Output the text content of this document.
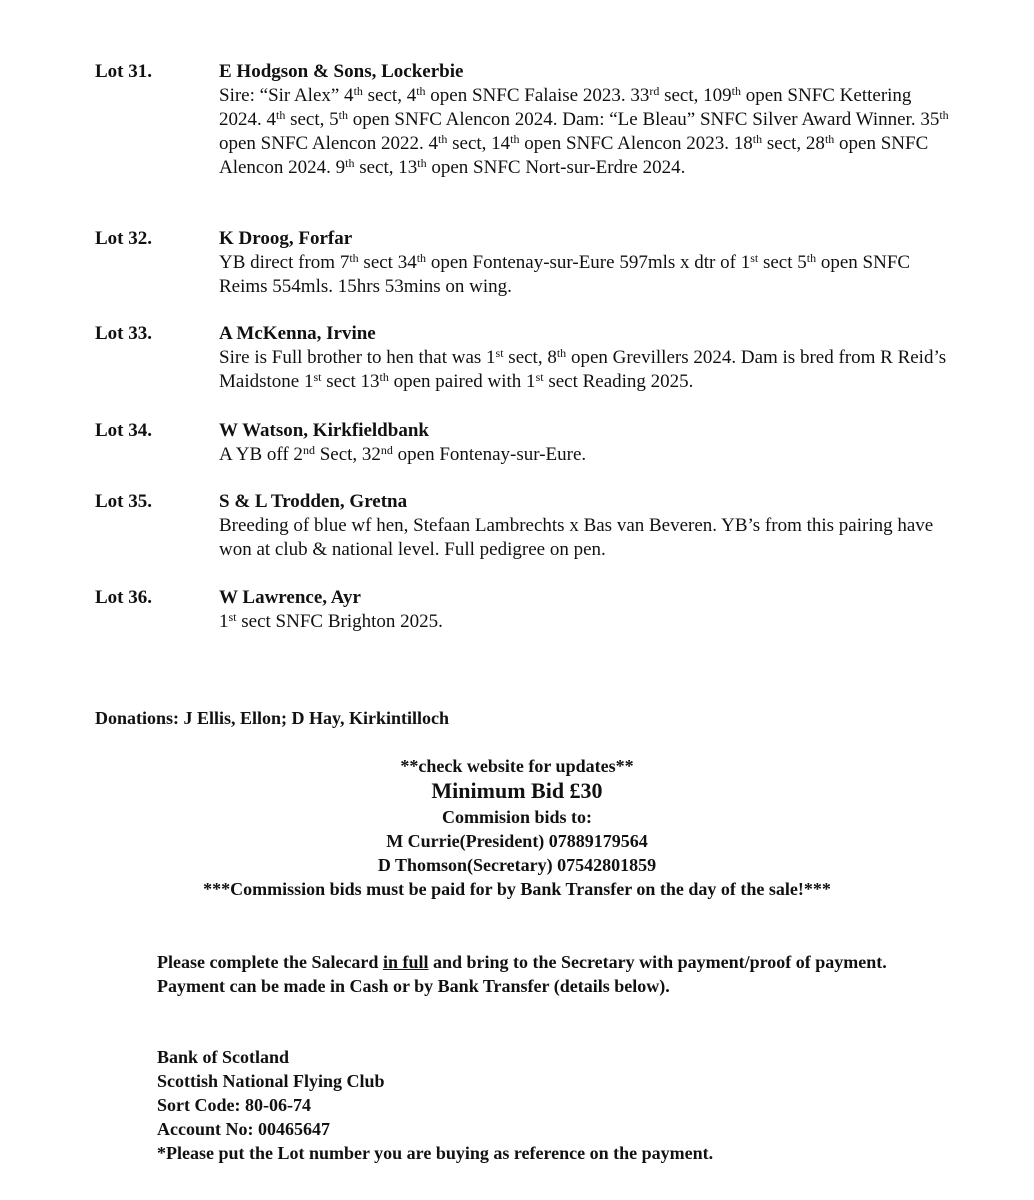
Lot 31.	E Hodgson & Sons, Lockerbie
Sire: “Sir Alex” 4th sect, 4th open SNFC Falaise 2023. 33rd sect, 109th open SNFC Kettering 2024. 4th sect, 5th open SNFC Alencon 2024. Dam: “Le Bleau” SNFC Silver Award Winner. 35th open SNFC Alencon 2022. 4th sect, 14th open SNFC Alencon 2023. 18th sect, 28th open SNFC Alencon 2024. 9th sect, 13th open SNFC Nort-sur-Erdre 2024.
Lot 32.	K Droog, Forfar
YB direct from 7th sect 34th open Fontenay-sur-Eure 597mls x dtr of 1st sect 5th open SNFC Reims 554mls. 15hrs 53mins on wing.
Lot 33.	A McKenna, Irvine
Sire is Full brother to hen that was 1st sect, 8th open Grevillers 2024. Dam is bred from R Reid’s Maidstone 1st sect 13th open paired with 1st sect Reading 2025.
Lot 34.	W Watson, Kirkfieldbank
A YB off 2nd Sect, 32nd open Fontenay-sur-Eure.
Lot 35.	S & L Trodden, Gretna
Breeding of blue wf hen, Stefaan Lambrechts x Bas van Beveren. YB’s from this pairing have won at club & national level. Full pedigree on pen.
Lot 36.	W Lawrence, Ayr
1st sect SNFC Brighton 2025.
Donations: J Ellis, Ellon; D Hay, Kirkintilloch
**check website for updates**
Minimum Bid £30
Commision bids to:
M Currie(President) 07889179564
D Thomson(Secretary) 07542801859
***Commission bids must be paid for by Bank Transfer on the day of the sale!***
Please complete the Salecard in full and bring to the Secretary with payment/proof of payment.
Payment can be made in Cash or by Bank Transfer (details below).
Bank of Scotland
Scottish National Flying Club
Sort Code: 80-06-74
Account No: 00465647
*Please put the Lot number you are buying as reference on the payment.
